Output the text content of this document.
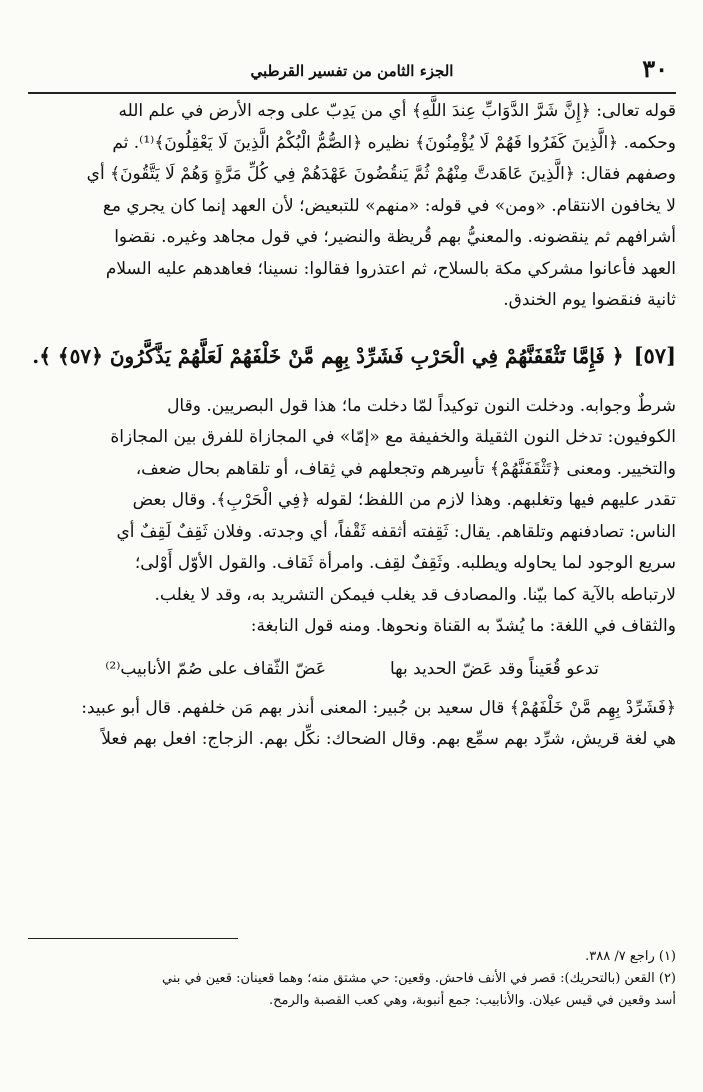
٣٠
الجزء الثامن من تفسير القرطبي

قوله تعالى: ﴿إِنَّ شَرَّ الدَّوَابِّ عِندَ اللَّهِ﴾ أي من يَدِبّ على وجه الأرض في علم الله

وحكمه. ﴿الَّذِينَ كَفَرُوا فَهُمْ لَا يُؤْمِنُونَ﴾ نظيره ﴿الصُّمُّ الْبُكْمُ الَّذِينَ لَا يَعْقِلُونَ﴾⁽¹⁾. ثم

وصفهم فقال: ﴿الَّذِينَ عَاهَدتَّ مِنْهُمْ ثُمَّ يَنقُضُونَ عَهْدَهُمْ فِي كُلِّ مَرَّةٍ وَهُمْ لَا يَتَّقُونَ﴾ أي

لا يخافون الانتقام. «ومن» في قوله: «منهم» للتبعيض؛ لأن العهد إنما كان يجري مع

أشرافهم ثم ينقضونه. والمعنيُّ بهم قُريظة والنضير؛ في قول مجاهد وغيره. نقضوا

العهد فأعانوا مشركي مكة بالسلاح، ثم اعتذروا فقالوا: نسينا؛ فعاهدهم عليه السلام

ثانية فنقضوا يوم الخندق.

[٥٧]
﴿ فَإِمَّا تَثْقَفَنَّهُمْ فِي الْحَرْبِ فَشَرِّدْ بِهِم مَّنْ خَلْفَهُمْ لَعَلَّهُمْ يَذَّكَّرُونَ ﴿٥٧﴾ ﴾.

شرطٌ وجوابه. ودخلت النون توكيداً لمّا دخلت ما؛ هذا قول البصريين. وقال

الكوفيون: تدخل النون الثقيلة والخفيفة مع «إمّا» في المجازاة للفرق بين المجازاة

والتخيير. ومعنى ﴿تَثْقَفَنَّهُمْ﴾ تأسِرهم وتجعلهم في ثِقاف، أو تلقاهم بحال ضعف،

تقدر عليهم فيها وتغلبهم. وهذا لازم من اللفظ؛ لقوله ﴿فِي الْحَرْبِ﴾. وقال بعض

الناس: تصادفنهم وتلقاهم. يقال: ثَقِفته أثقفه ثَقْفاً، أي وجدته. وفلان ثَقِفٌ لَقِفٌ أي

سريع الوجود لما يحاوله ويطلبه. وثَقِفٌ لقِف. وامرأة ثَقاف. والقول الأوّل أَوْلى؛

لارتباطه بالآية كما بيّنا. والمصادف قد يغلب فيمكن التشريد به، وقد لا يغلب.

والثقاف في اللغة: ما يُشدّ به القناة ونحوها. ومنه قول النابغة:

تدعو قُعَيناً وقد عَضّ الحديد بها
عَضّ الثّقاف على صُمّ الأنابيب⁽²⁾

﴿فَشَرِّدْ بِهِم مَّنْ خَلْفَهُمْ﴾ قال سعيد بن جُبير: المعنى أنذر بهم مَن خلفهم. قال أبو عبيد:

هي لغة قريش، شرِّد بهم سمِّع بهم. وقال الضحاك: نكِّل بهم. الزجاج: افعل بهم فعلاً

(١) راجع ٧/ ٣٨٨.

(٢) القعن (بالتحريك): قصر في الأنف فاحش. وقعين: حي مشتق منه؛ وهما قعينان: قعين في بني

أسد وقعين في قيس عيلان. والأنابيب: جمع أنبوبة، وهي كعب القصبة والرمح.
